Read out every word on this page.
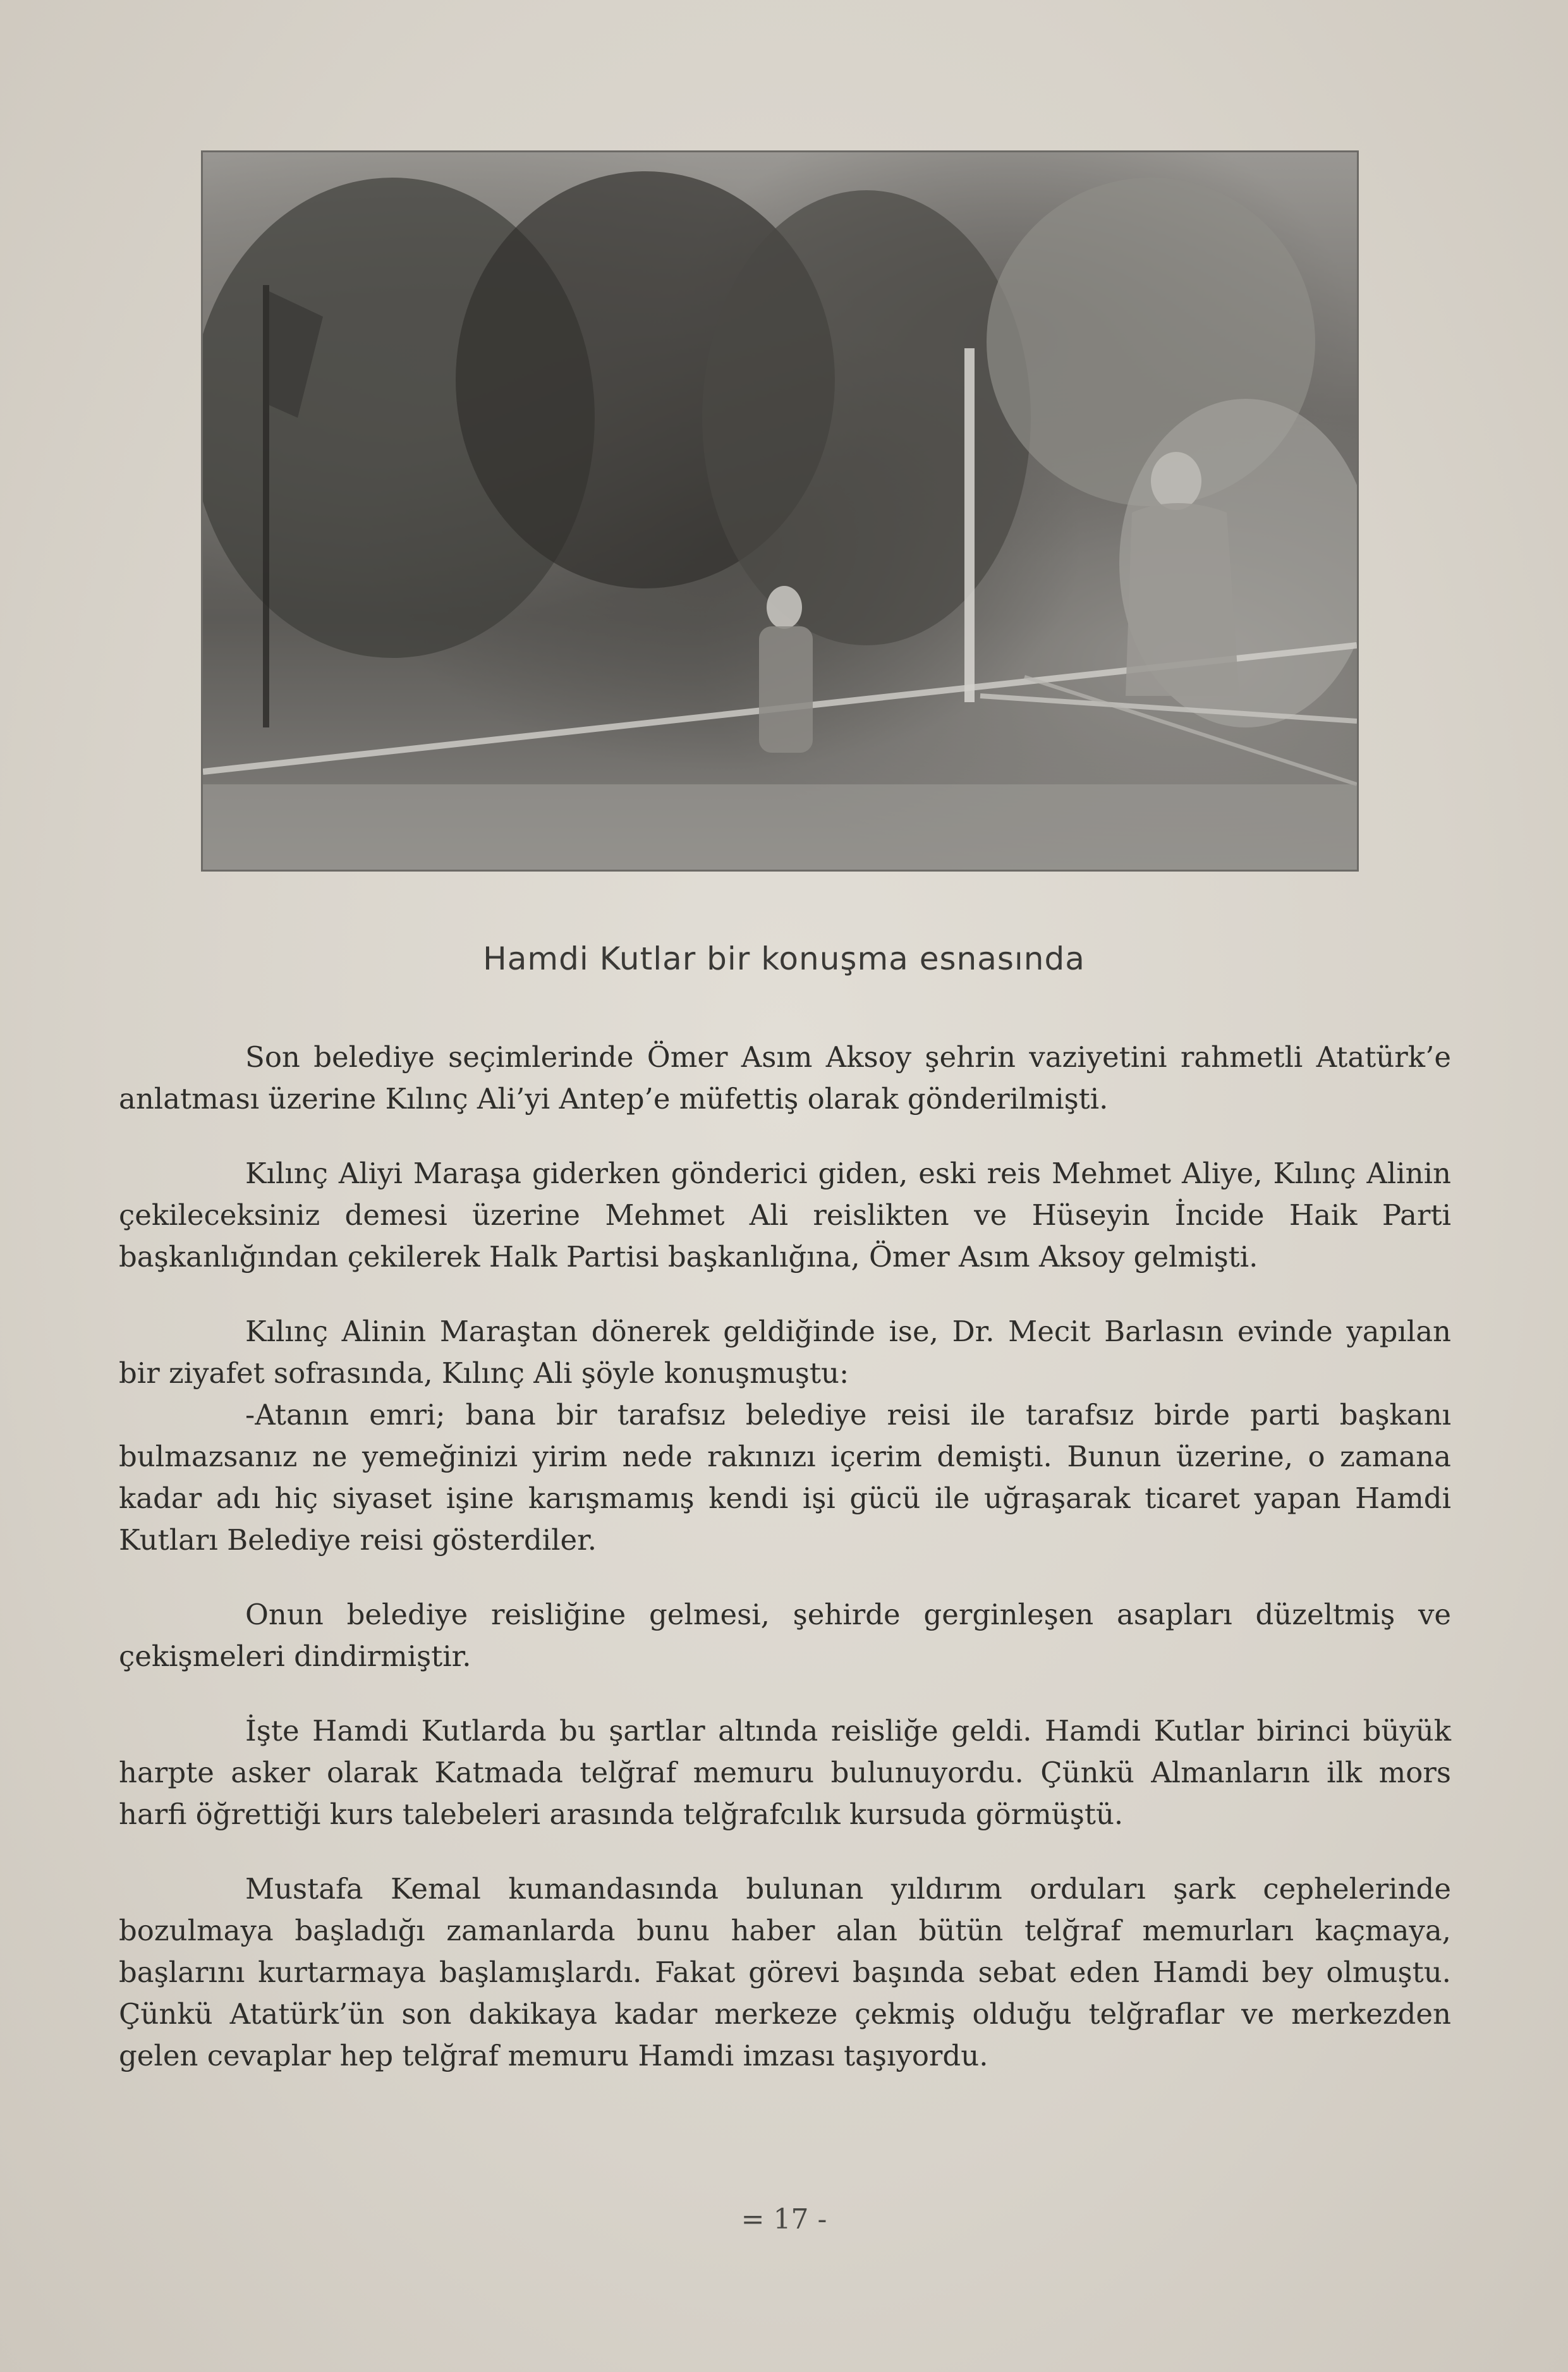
Hamdi Kutlar bir konuşma esnasında

Son belediye seçimlerinde Ömer Asım Aksoy şehrin vaziyetini rahmetli Atatürk’e anlatması üzerine Kılınç Ali’yi Antep’e müfettiş olarak gönderilmişti.

Kılınç Aliyi Maraşa giderken gönderici giden, eski reis Mehmet Aliye, Kılınç Alinin çekileceksiniz demesi üzerine Mehmet Ali reislikten ve Hüseyin İncide Haik Parti başkanlığından çekilerek Halk Partisi başkanlığına, Ömer Asım Aksoy gelmişti.

Kılınç Alinin Maraştan dönerek geldiğinde ise, Dr. Mecit Barlasın evinde yapılan bir ziyafet sofrasında, Kılınç Ali şöyle konuşmuştu:

-Atanın emri; bana bir tarafsız belediye reisi ile tarafsız birde parti başkanı bulmazsanız ne yemeğinizi yirim nede rakınızı içerim demişti. Bunun üzerine, o zamana kadar adı hiç siyaset işine karışmamış kendi işi gücü ile uğraşarak ticaret yapan Hamdi Kutları Belediye reisi gösterdiler.

Onun belediye reisliğine gelmesi, şehirde gerginleşen asapları düzeltmiş ve çekişmeleri dindirmiştir.

İşte Hamdi Kutlarda bu şartlar altında reisliğe geldi. Hamdi Kutlar birinci büyük harpte asker olarak Katmada telğraf memuru bulunuyordu. Çünkü Almanların ilk mors harfi öğrettiği kurs talebeleri arasında telğrafcılık kursuda görmüştü.

Mustafa Kemal kumandasında bulunan yıldırım orduları şark cephelerinde bozulmaya başladığı zamanlarda bunu haber alan bütün telğraf memurları kaçmaya, başlarını kurtarmaya başlamışlardı. Fakat görevi başında sebat eden Hamdi bey olmuştu. Çünkü Atatürk’ün son dakikaya kadar merkeze çekmiş olduğu telğraflar ve merkezden gelen cevaplar hep telğraf memuru Hamdi imzası taşıyordu.

= 17 -
